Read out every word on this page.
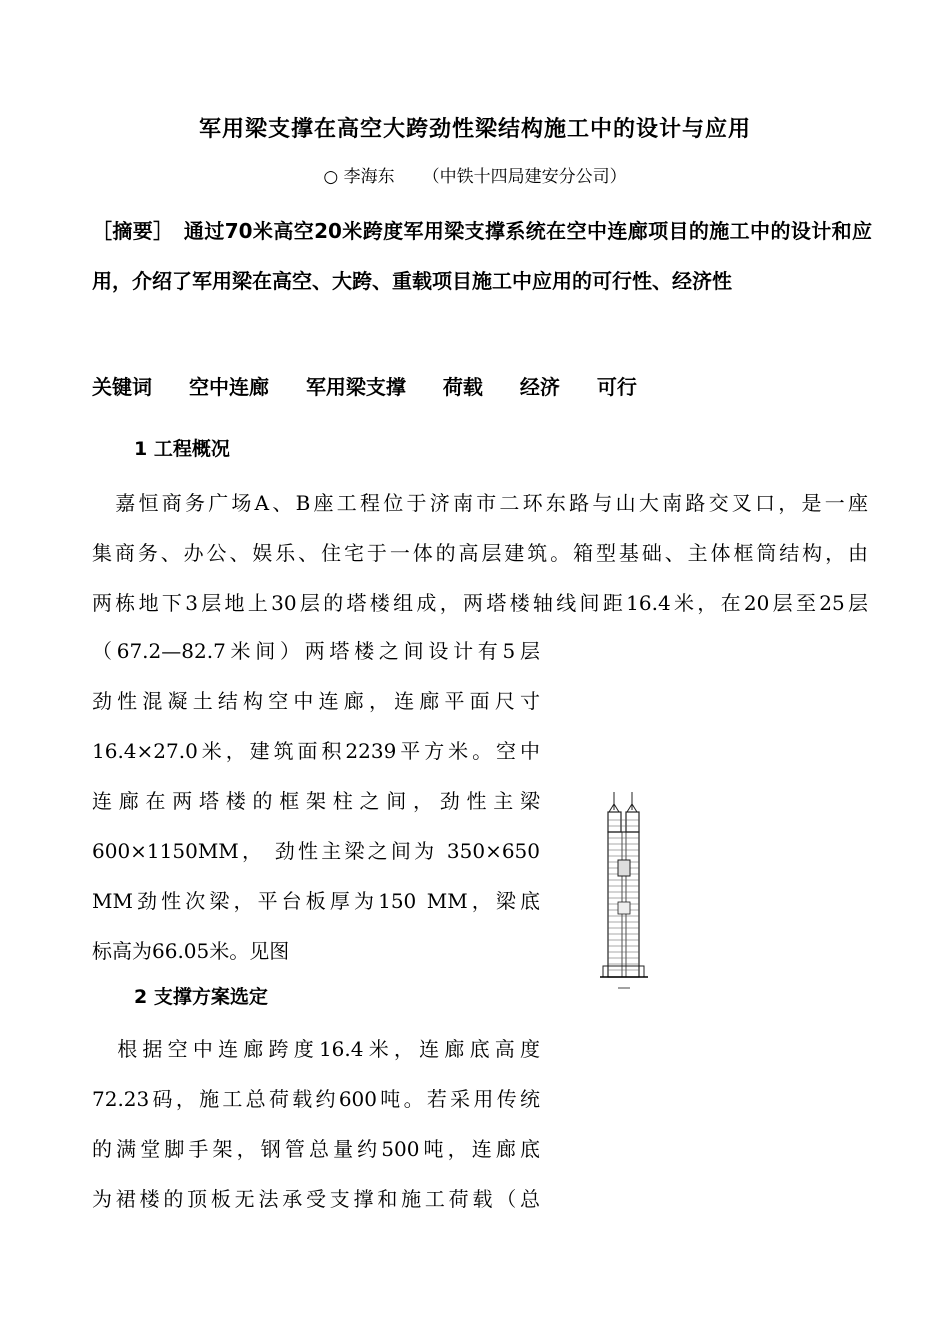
军用梁支撑在高空大跨劲性梁结构施工中的设计与应用
○ 李海东 （中铁十四局建安分公司）
［摘要］　通过70米高空20米跨度军用梁支撑系统在空中连廊项目的施工中的设计和应用，介绍了军用梁在高空、大跨、重载项目施工中应用的可行性、经济性
关键词 空中连廊 军用梁支撑 荷载 经济 可行
1 工程概况
　嘉恒商务广场A、B座工程位于济南市二环东路与山大南路交叉口，是一座
集商务、办公、娱乐、住宅于一体的高层建筑。箱型基础、主体框筒结构，由
两栋地下3层地上30层的塔楼组成，两塔楼轴线间距16.4米，在20层至25层
（67.2—82.7米间）两塔楼之间设计有5层
劲性混凝土结构空中连廊，连廊平面尺寸
16.4×27.0米，建筑面积2239平方米。空中
连廊在两塔楼的框架柱之间，劲性主梁
600×1150MM， 劲性主梁之间为 350×650
MM劲性次梁，平台板厚为150 MM，梁底
标高为66.05米。见图
2 支撑方案选定
　根据空中连廊跨度16.4米，连廊底高度
72.23码，施工总荷载约600吨。若采用传统
的满堂脚手架，钢管总量约500吨，连廊底
为裙楼的顶板无法承受支撑和施工荷载（总
